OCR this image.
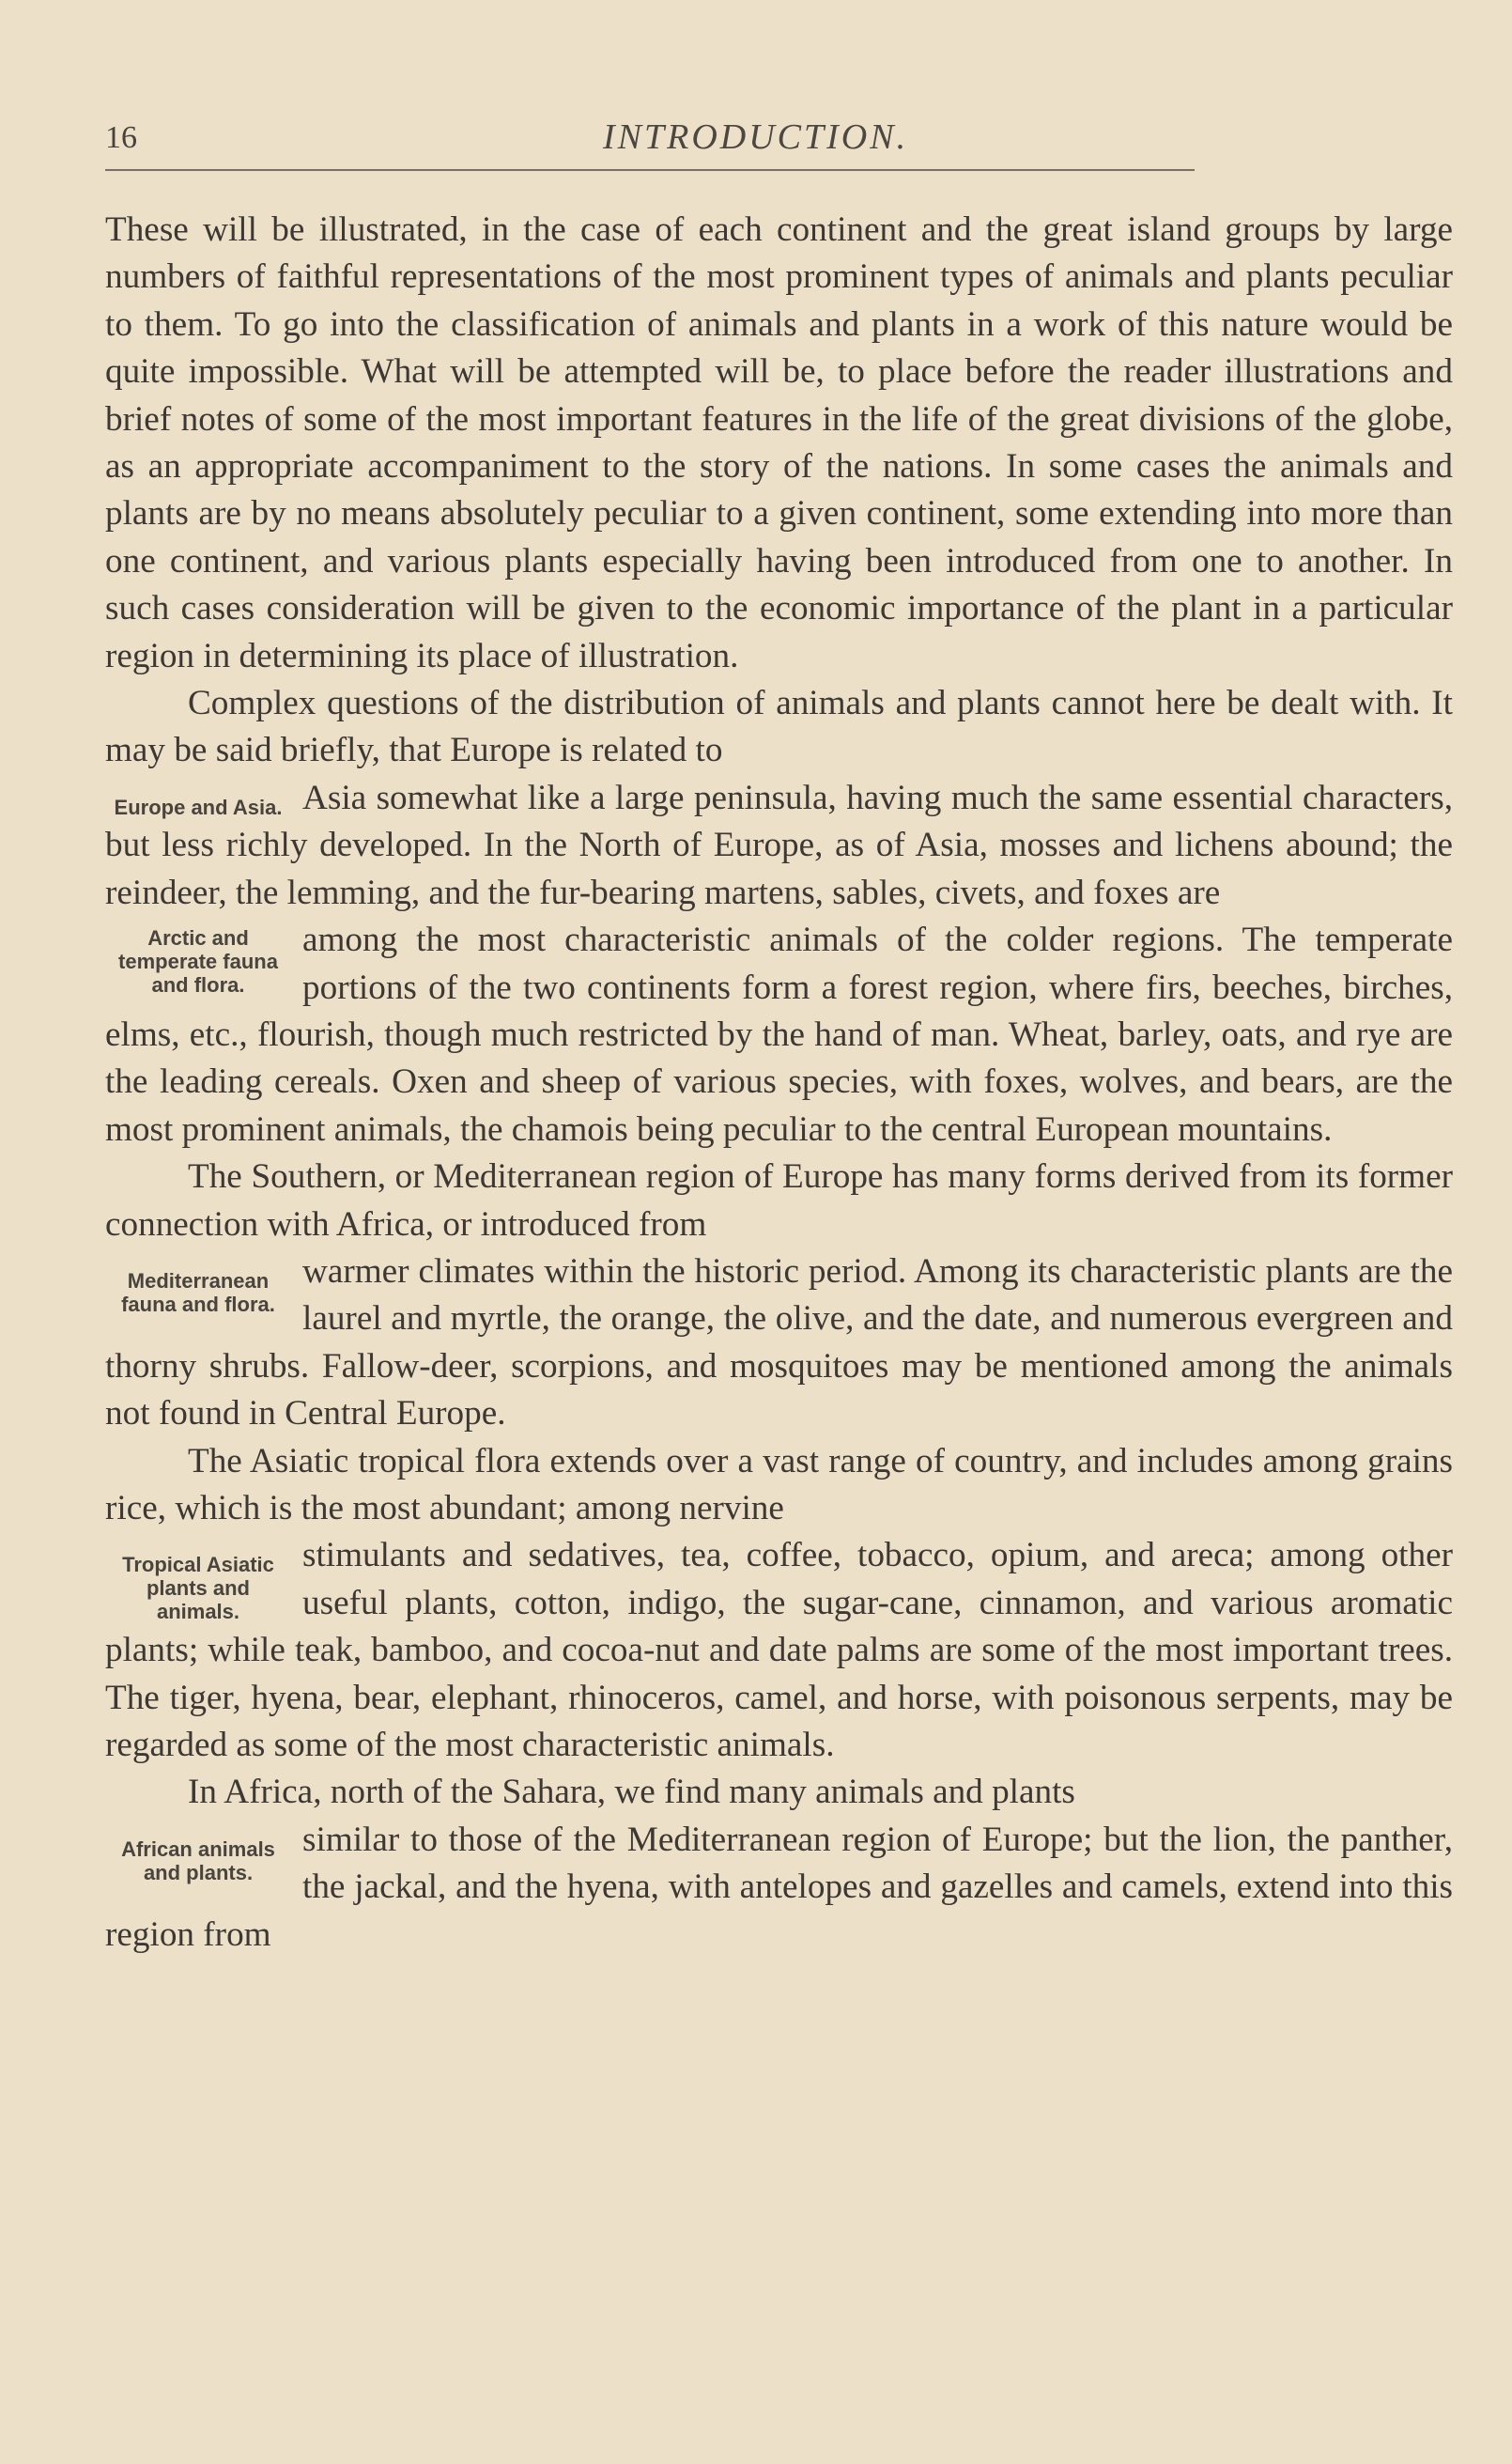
16	INTRODUCTION.

These will be illustrated, in the case of each continent and the great island groups by large numbers of faithful representations of the most prominent types of animals and plants peculiar to them. To go into the classification of animals and plants in a work of this nature would be quite impossible. What will be attempted will be, to place before the reader illustrations and brief notes of some of the most important features in the life of the great divisions of the globe, as an appropriate accompaniment to the story of the nations. In some cases the animals and plants are by no means absolutely peculiar to a given continent, some extending into more than one continent, and various plants especially having been introduced from one to another. In such cases consideration will be given to the economic importance of the plant in a particular region in determining its place of illustration.

Complex questions of the distribution of animals and plants cannot here be dealt with. It may be said briefly, that Europe is related to

Europe and Asia. Asia somewhat like a large peninsula, having much the same essential characters, but less richly developed. In the North of Europe, as of Asia, mosses and lichens abound; the reindeer, the lemming, and the fur-bearing martens, sables, civets, and foxes are

Arctic and temperate fauna and flora.

among the most characteristic animals of the colder regions. The temperate portions of the two continents form a forest region, where firs, beeches, birches, elms, etc., flourish, though much restricted by the hand of man. Wheat, barley, oats, and rye are the leading cereals. Oxen and sheep of various species, with foxes, wolves, and bears, are the most prominent animals, the chamois being peculiar to the central European mountains.

The Southern, or Mediterranean region of Europe has many forms derived from its former connection with Africa, or introduced from

Mediterranean fauna and flora.

warmer climates within the historic period. Among its characteristic plants are the laurel and myrtle, the orange, the olive, and the date, and numerous evergreen and thorny shrubs. Fallow-deer, scorpions, and mosquitoes may be mentioned among the animals not found in Central Europe.

The Asiatic tropical flora extends over a vast range of country, and includes among grains rice, which is the most abundant; among nervine

Tropical Asiatic plants and animals.

stimulants and sedatives, tea, coffee, tobacco, opium, and areca; among other useful plants, cotton, indigo, the sugar-cane, cinnamon, and various aromatic plants; while teak, bamboo, and cocoa-nut and date palms are some of the most important trees. The tiger, hyena, bear, elephant, rhinoceros, camel, and horse, with poisonous serpents, may be regarded as some of the most characteristic animals.

In Africa, north of the Sahara, we find many animals and plants

African animals and plants.

similar to those of the Mediterranean region of Europe; but the lion, the panther, the jackal, and the hyena, with antelopes and gazelles and camels, extend into this region from
